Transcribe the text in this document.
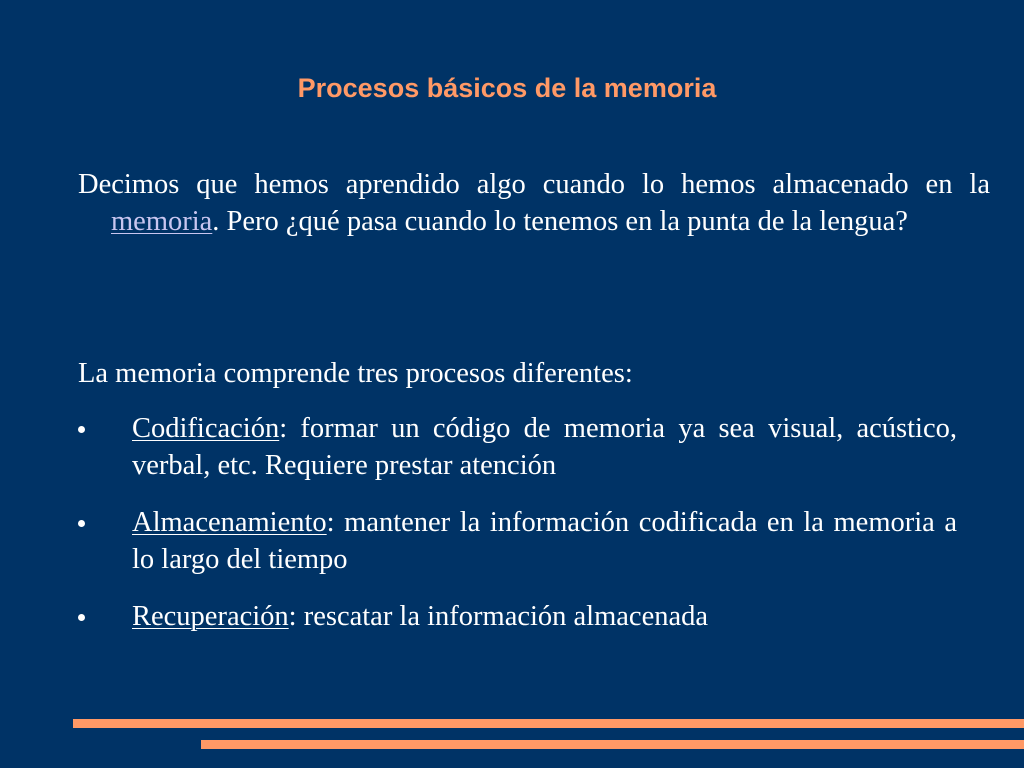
Procesos básicos de la memoria

Decimos que hemos aprendido algo cuando lo hemos almacenado en la memoria. Pero ¿qué pasa cuando lo tenemos en la punta de la lengua?

La memoria comprende tres procesos diferentes:

Codificación: formar un código de memoria ya sea visual, acústico, verbal, etc. Requiere prestar atención
Almacenamiento: mantener la información codificada en la memoria a lo largo del tiempo
Recuperación: rescatar la información almacenada
